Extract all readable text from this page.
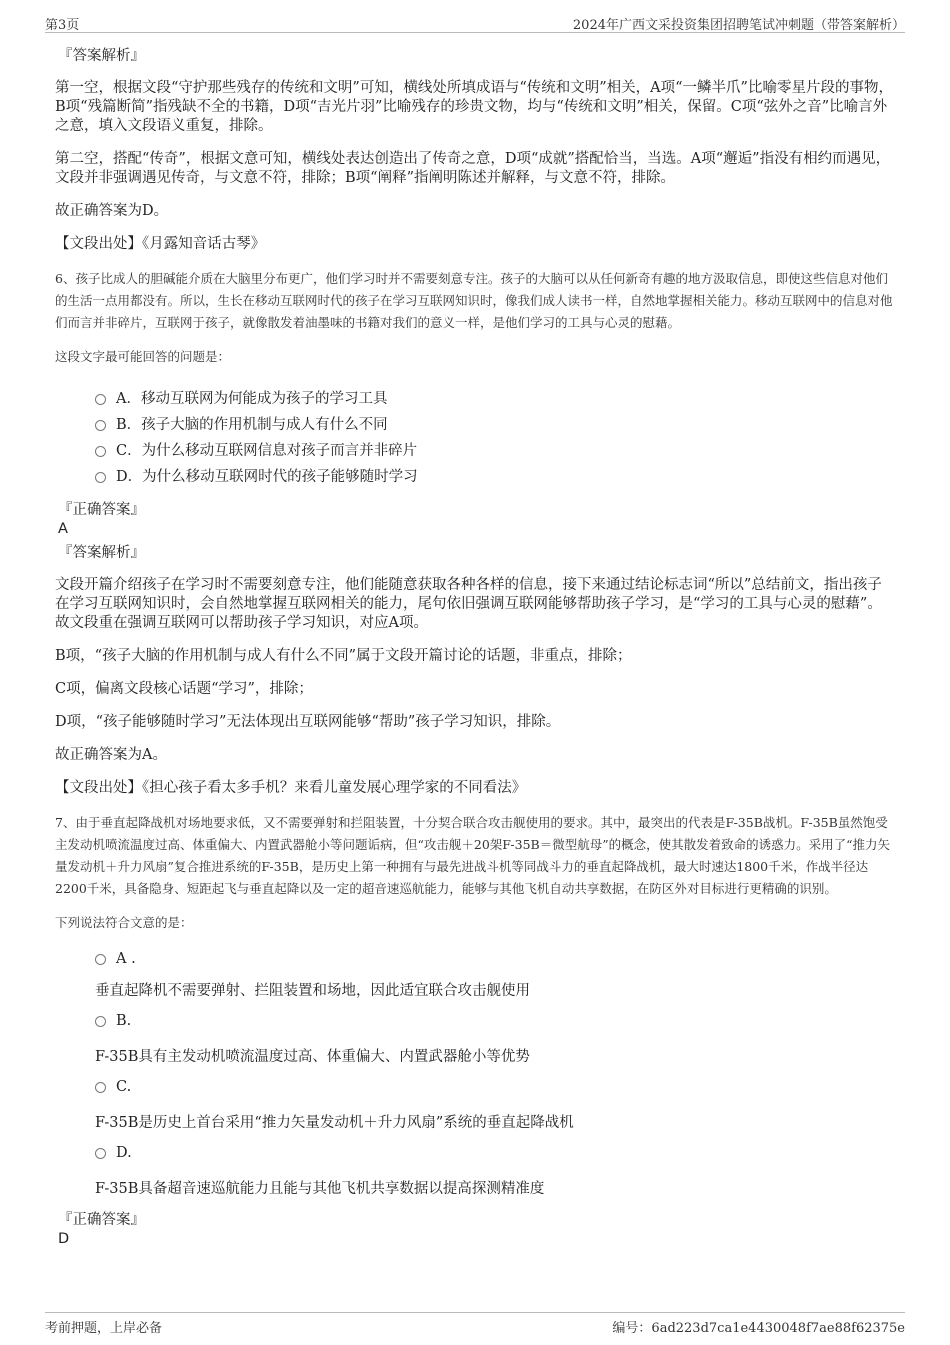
第3页	2024年广西文采投资集团招聘笔试冲刺题（带答案解析）
『答案解析』

第一空，根据文段“守护那些残存的传统和文明”可知，横线处所填成语与“传统和文明”相关，A项“一鳞半爪”比喻零星片段的事物，B项“残篇断简”指残缺不全的书籍，D项“吉光片羽”比喻残存的珍贵文物，均与“传统和文明”相关，保留。C项“弦外之音”比喻言外之意，填入文段语义重复，排除。

第二空，搭配“传奇”，根据文意可知，横线处表达创造出了传奇之意，D项“成就”搭配恰当，当选。A项“邂逅”指没有相约而遇见，文段并非强调遇见传奇，与文意不符，排除；B项“阐释”指阐明陈述并解释，与文意不符，排除。

故正确答案为D。

【文段出处】《月露知音话古琴》

6、孩子比成人的胆碱能介质在大脑里分布更广，他们学习时并不需要刻意专注。孩子的大脑可以从任何新奇有趣的地方汲取信息，即使这些信息对他们的生活一点用都没有。所以，生长在移动互联网时代的孩子在学习互联网知识时，像我们成人读书一样，自然地掌握相关能力。移动互联网中的信息对他们而言并非碎片，互联网于孩子，就像散发着油墨味的书籍对我们的意义一样，是他们学习的工具与心灵的慰藉。

这段文字最可能回答的问题是：

A．移动互联网为何能成为孩子的学习工具
B．孩子大脑的作用机制与成人有什么不同
C．为什么移动互联网信息对孩子而言并非碎片
D．为什么移动互联网时代的孩子能够随时学习
『正确答案』
A
『答案解析』

文段开篇介绍孩子在学习时不需要刻意专注，他们能随意获取各种各样的信息，接下来通过结论标志词“所以”总结前文，指出孩子在学习互联网知识时，会自然地掌握互联网相关的能力，尾句依旧强调互联网能够帮助孩子学习，是“学习的工具与心灵的慰藉”。故文段重在强调互联网可以帮助孩子学习知识，对应A项。

B项，“孩子大脑的作用机制与成人有什么不同”属于文段开篇讨论的话题，非重点，排除；

C项，偏离文段核心话题“学习”，排除；

D项，“孩子能够随时学习”无法体现出互联网能够“帮助”孩子学习知识，排除。

故正确答案为A。

【文段出处】《担心孩子看太多手机？来看儿童发展心理学家的不同看法》

7、由于垂直起降战机对场地要求低，又不需要弹射和拦阻装置，十分契合联合攻击舰使用的要求。其中，最突出的代表是F-35B战机。F-35B虽然饱受主发动机喷流温度过高、体重偏大、内置武器舱小等问题诟病，但“攻击舰＋20架F-35B＝微型航母”的概念，使其散发着致命的诱惑力。采用了“推力矢量发动机＋升力风扇”复合推进系统的F-35B，是历史上第一种拥有与最先进战斗机等同战斗力的垂直起降战机，最大时速达1800千米，作战半径达2200千米，具备隐身、短距起飞与垂直起降以及一定的超音速巡航能力，能够与其他飞机自动共享数据，在防区外对目标进行更精确的识别。

下列说法符合文意的是：

A .
垂直起降机不需要弹射、拦阻装置和场地，因此适宜联合攻击舰使用
B.
F-35B具有主发动机喷流温度过高、体重偏大、内置武器舱小等优势
C.
F-35B是历史上首台采用“推力矢量发动机＋升力风扇”系统的垂直起降战机
D.
F-35B具备超音速巡航能力且能与其他飞机共享数据以提高探测精准度
『正确答案』
D
考前押题，上岸必备	编号：6ad223d7ca1e4430048f7ae88f62375e
